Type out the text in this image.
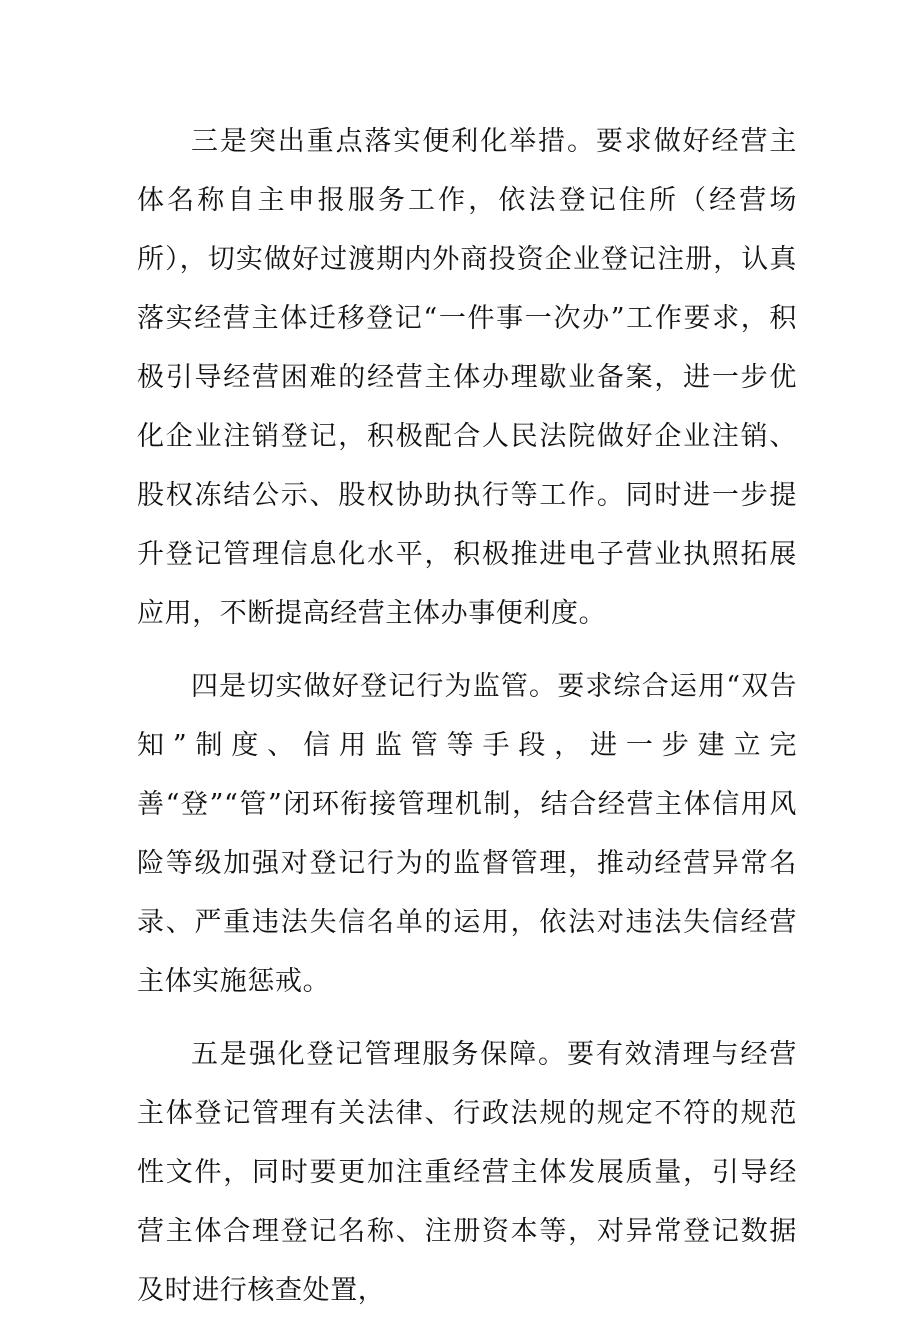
三是突出重点落实便利化举措。要求做好经营主体名称自主申报服务工作，依法登记住所（经营场所），切实做好过渡期内外商投资企业登记注册，认真落实经营主体迁移登记“一件事一次办”工作要求，积极引导经营困难的经营主体办理歇业备案，进一步优化企业注销登记，积极配合人民法院做好企业注销、股权冻结公示、股权协助执行等工作。同时进一步提升登记管理信息化水平，积极推进电子营业执照拓展应用，不断提高经营主体办事便利度。

四是切实做好登记行为监管。要求综合运用“双告知”制度、信用监管等手段，进一步建立完善“登”“管”闭环衔接管理机制，结合经营主体信用风险等级加强对登记行为的监督管理，推动经营异常名录、严重违法失信名单的运用，依法对违法失信经营主体实施惩戒。

五是强化登记管理服务保障。要有效清理与经营主体登记管理有关法律、行政法规的规定不符的规范性文件，同时要更加注重经营主体发展质量，引导经营主体合理登记名称、注册资本等，对异常登记数据及时进行核查处置，
